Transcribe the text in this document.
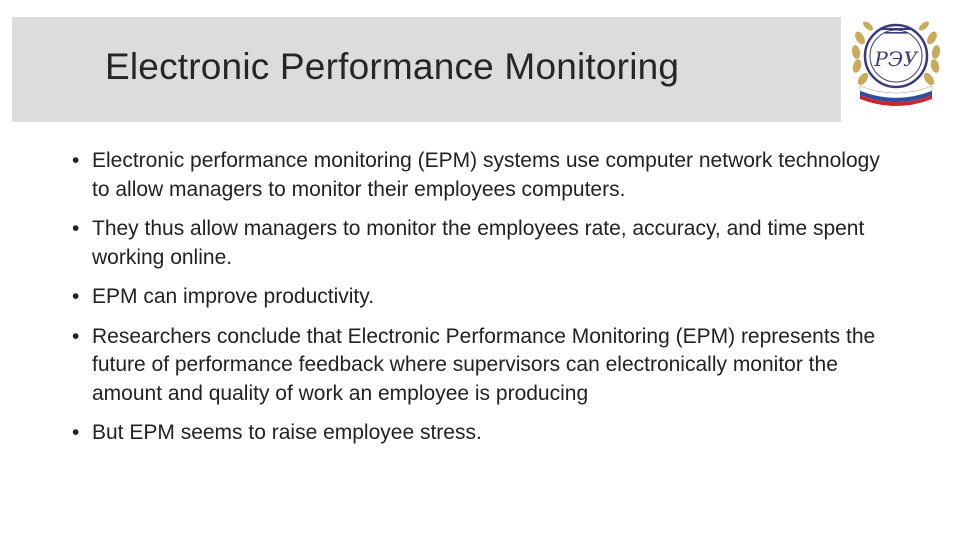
Electronic Performance Monitoring	РЭУ
• Electronic performance monitoring (EPM) systems use computer network technology to allow managers to monitor their employees computers.
• They thus allow managers to monitor the employees rate, accuracy, and time spent working online.
• EPM can improve productivity.
• Researchers conclude that Electronic Performance Monitoring (EPM) represents the future of performance feedback where supervisors can electronically monitor the amount and quality of work an employee is producing
• But EPM seems to raise employee stress.
